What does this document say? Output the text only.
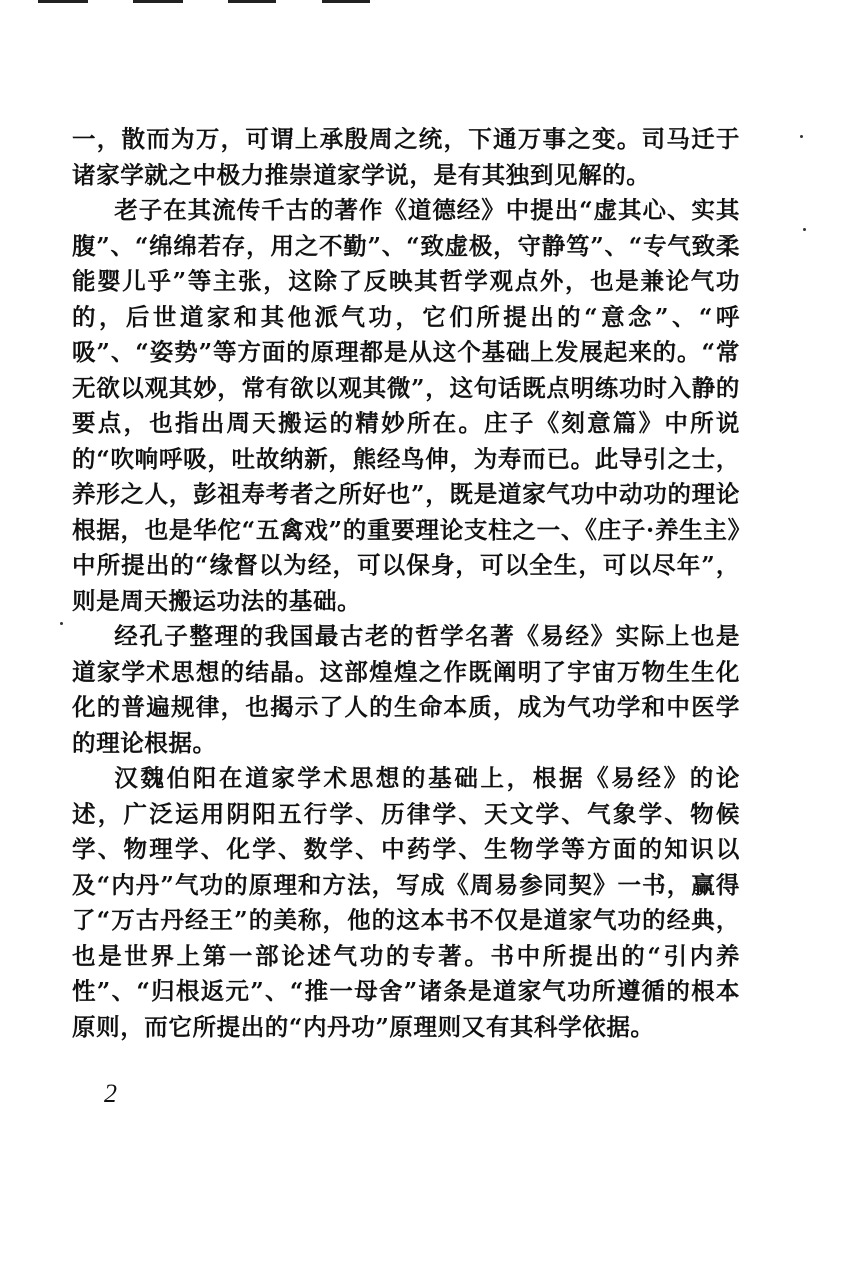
一，散而为万，可谓上承殷周之统，下通万事之变。司马迁于诸家学就之中极力推崇道家学说，是有其独到见解的。

老子在其流传千古的著作《道德经》中提出“虚其心、实其腹”、“绵绵若存，用之不勤”、“致虚极，守静笃”、“专气致柔能婴儿乎”等主张，这除了反映其哲学观点外，也是兼论气功的，后世道家和其他派气功，它们所提出的“意念”、“呼吸”、“姿势”等方面的原理都是从这个基础上发展起来的。“常无欲以观其妙，常有欲以观其微”，这句话既点明练功时入静的要点，也指出周天搬运的精妙所在。庄子《刻意篇》中所说的“吹响呼吸，吐故纳新，熊经鸟伸，为寿而已。此导引之士，养形之人，彭祖寿考者之所好也”，既是道家气功中动功的理论根据，也是华佗“五禽戏”的重要理论支柱之一、《庄子·养生主》中所提出的“缘督以为经，可以保身，可以全生，可以尽年”，则是周天搬运功法的基础。

经孔子整理的我国最古老的哲学名著《易经》实际上也是道家学术思想的结晶。这部煌煌之作既阐明了宇宙万物生生化化的普遍规律，也揭示了人的生命本质，成为气功学和中医学的理论根据。

汉魏伯阳在道家学术思想的基础上，根据《易经》的论述，广泛运用阴阳五行学、历律学、天文学、气象学、物候学、物理学、化学、数学、中药学、生物学等方面的知识以及“内丹”气功的原理和方法，写成《周易参同契》一书，赢得了“万古丹经王”的美称，他的这本书不仅是道家气功的经典，也是世界上第一部论述气功的专著。书中所提出的“引内养性”、“归根返元”、“推一母舍”诸条是道家气功所遵循的根本原则，而它所提出的“内丹功”原理则又有其科学依据。

2
